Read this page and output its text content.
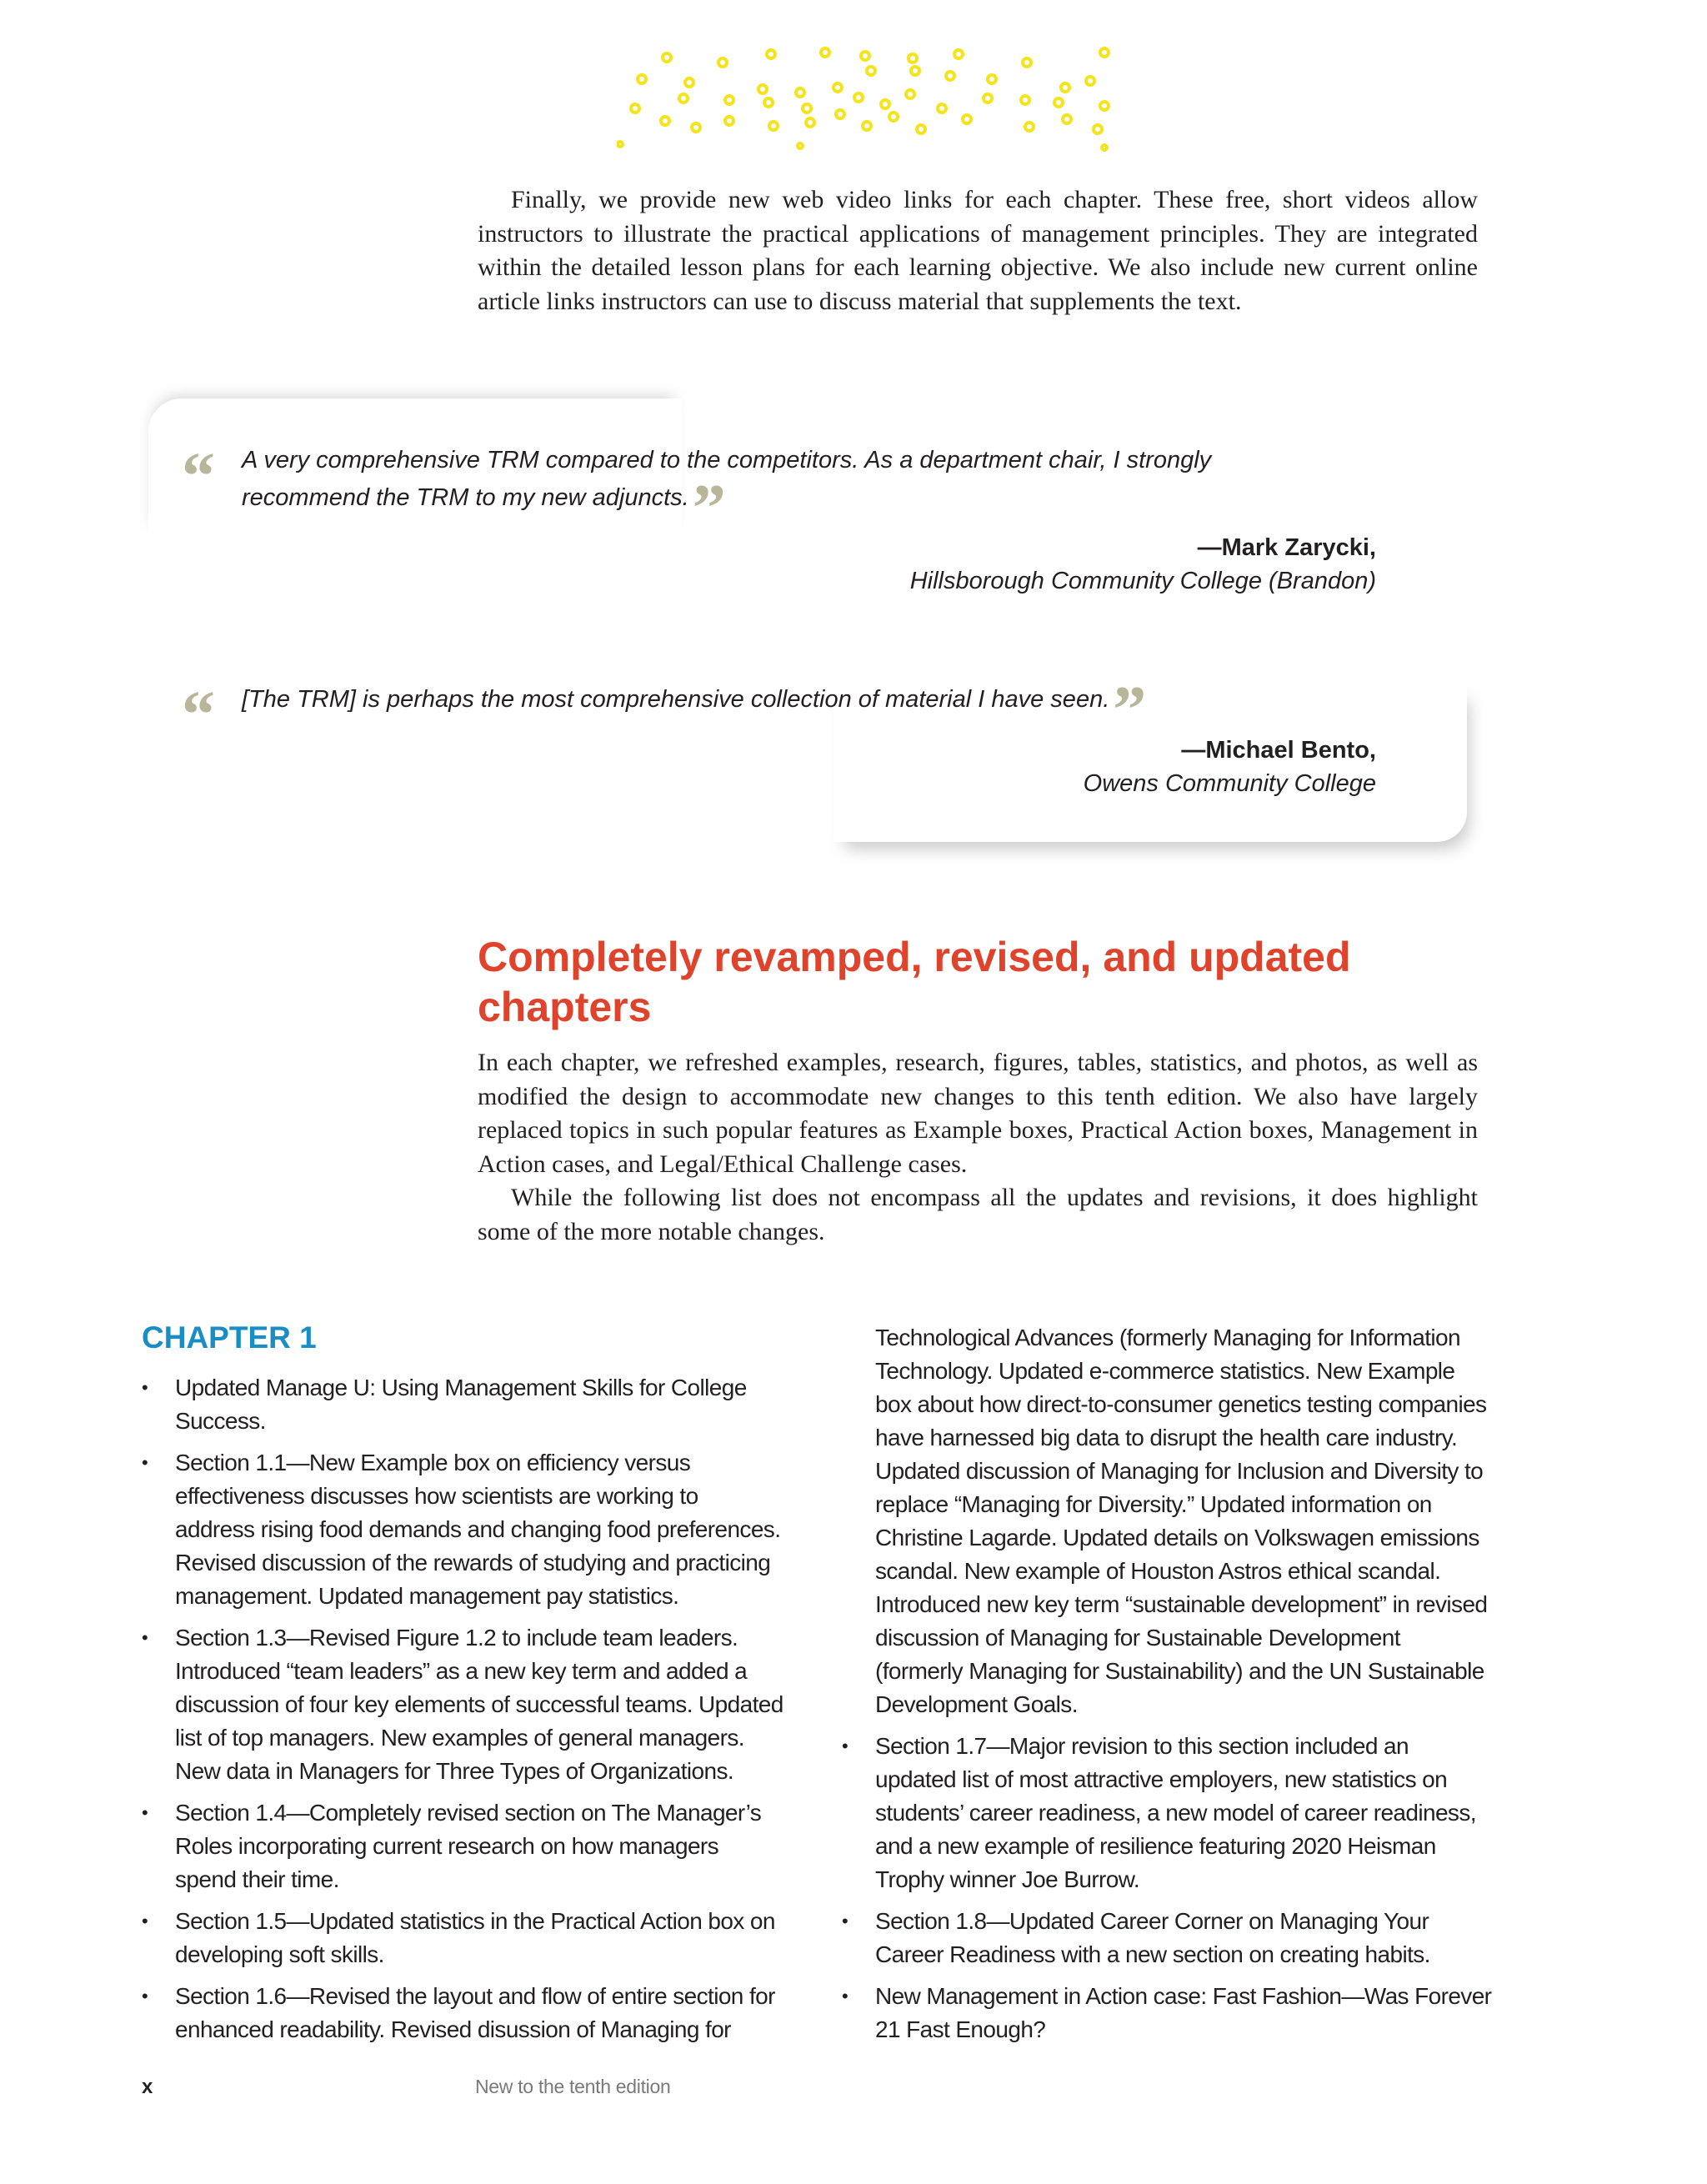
Finally, we provide new web video links for each chapter. These free, short videos allow instructors to illustrate the practical applications of management principles. They are integrated within the detailed lesson plans for each learning objective. We also include new current online article links instructors can use to discuss material that supplements the text.

A very comprehensive TRM compared to the competitors. As a department chair, I strongly
recommend the TRM to my new adjuncts.”
—Mark Zarycki,
Hillsborough Community College (Brandon)
“ [The TRM] is perhaps the most comprehensive collection of material I have seen.”
—Michael Bento,
Owens Community College
Completely revamped, revised, and updated
chapters

In each chapter, we refreshed examples, research, figures, tables, statistics, and photos, as well as modified the design to accommodate new changes to this tenth edition. We also have largely replaced topics in such popular features as Example boxes, Practical Action boxes, Management in Action cases, and Legal/Ethical Challenge cases.

While the following list does not encompass all the updates and revisions, it does highlight some of the more notable changes.

CHAPTER 1
• Updated Manage U: Using Management Skills for College Success.
• Section 1.1—New Example box on efficiency versus effectiveness discusses how scientists are working to address rising food demands and changing food preferences. Revised discussion of the rewards of studying and practicing management. Updated management pay statistics.
• Section 1.3—Revised Figure 1.2 to include team leaders. Introduced “team leaders” as a new key term and added a discussion of four key elements of successful teams. Updated list of top managers. New examples of general managers. New data in Managers for Three Types of Organizations.
• Section 1.4—Completely revised section on The Manager’s Roles incorporating current research on how managers spend their time.
• Section 1.5—Updated statistics in the Practical Action box on developing soft skills.
• Section 1.6—Revised the layout and flow of entire section for enhanced readability. Revised disussion of Managing for
Technological Advances (formerly Managing for Information Technology. Updated e-commerce statistics. New Example box about how direct-to-consumer genetics testing companies have harnessed big data to disrupt the health care industry. Updated discussion of Managing for Inclusion and Diversity to replace “Managing for Diversity.” Updated information on Christine Lagarde. Updated details on Volkswagen emissions scandal. New example of Houston Astros ethical scandal. Introduced new key term “sustainable development” in revised discussion of Managing for Sustainable Development (formerly Managing for Sustainability) and the UN Sustainable Development Goals.
• Section 1.7—Major revision to this section included an updated list of most attractive employers, new statistics on students’ career readiness, a new model of career readiness, and a new example of resilience featuring 2020 Heisman Trophy winner Joe Burrow.
• Section 1.8—Updated Career Corner on Managing Your Career Readiness with a new section on creating habits.
• New Management in Action case: Fast Fashion—Was Forever 21 Fast Enough?
x	New to the tenth edition
